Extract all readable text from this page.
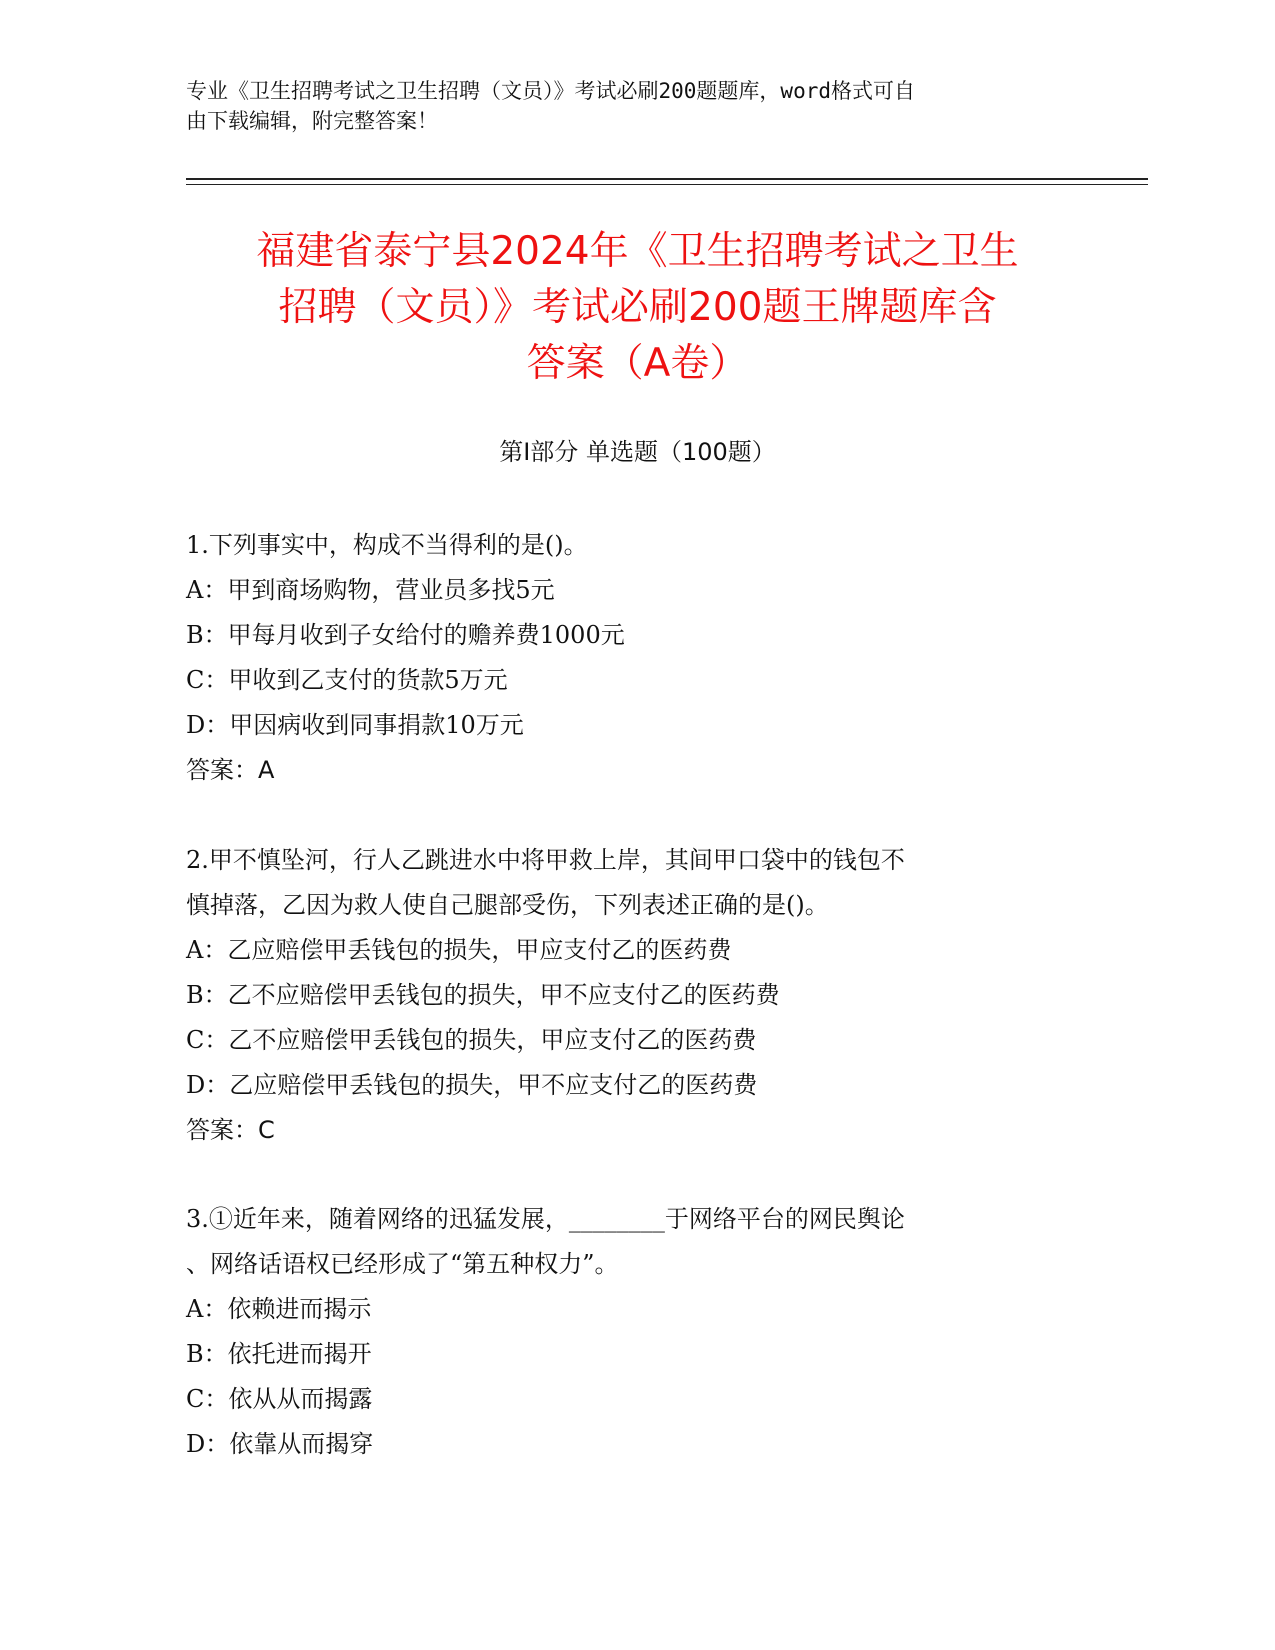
专业《卫生招聘考试之卫生招聘（文员）》考试必刷200题题库，word格式可自
由下载编辑，附完整答案！
福建省泰宁县2024年《卫生招聘考试之卫生
招聘（文员）》考试必刷200题王牌题库含
答案（A卷）
第Ⅰ部分 单选题（100题）
1.下列事实中，构成不当得利的是()。
A：甲到商场购物，营业员多找5元
B：甲每月收到子女给付的赡养费1000元
C：甲收到乙支付的货款5万元
D：甲因病收到同事捐款10万元
答案：A
2.甲不慎坠河，行人乙跳进水中将甲救上岸，其间甲口袋中的钱包不
慎掉落，乙因为救人使自己腿部受伤，下列表述正确的是()。
A：乙应赔偿甲丢钱包的损失，甲应支付乙的医药费
B：乙不应赔偿甲丢钱包的损失，甲不应支付乙的医药费
C：乙不应赔偿甲丢钱包的损失，甲应支付乙的医药费
D：乙应赔偿甲丢钱包的损失，甲不应支付乙的医药费
答案：C
3.①近年来，随着网络的迅猛发展，________于网络平台的网民舆论
、网络话语权已经形成了“第五种权力”。
A：依赖进而揭示
B：依托进而揭开
C：依从从而揭露
D：依靠从而揭穿
